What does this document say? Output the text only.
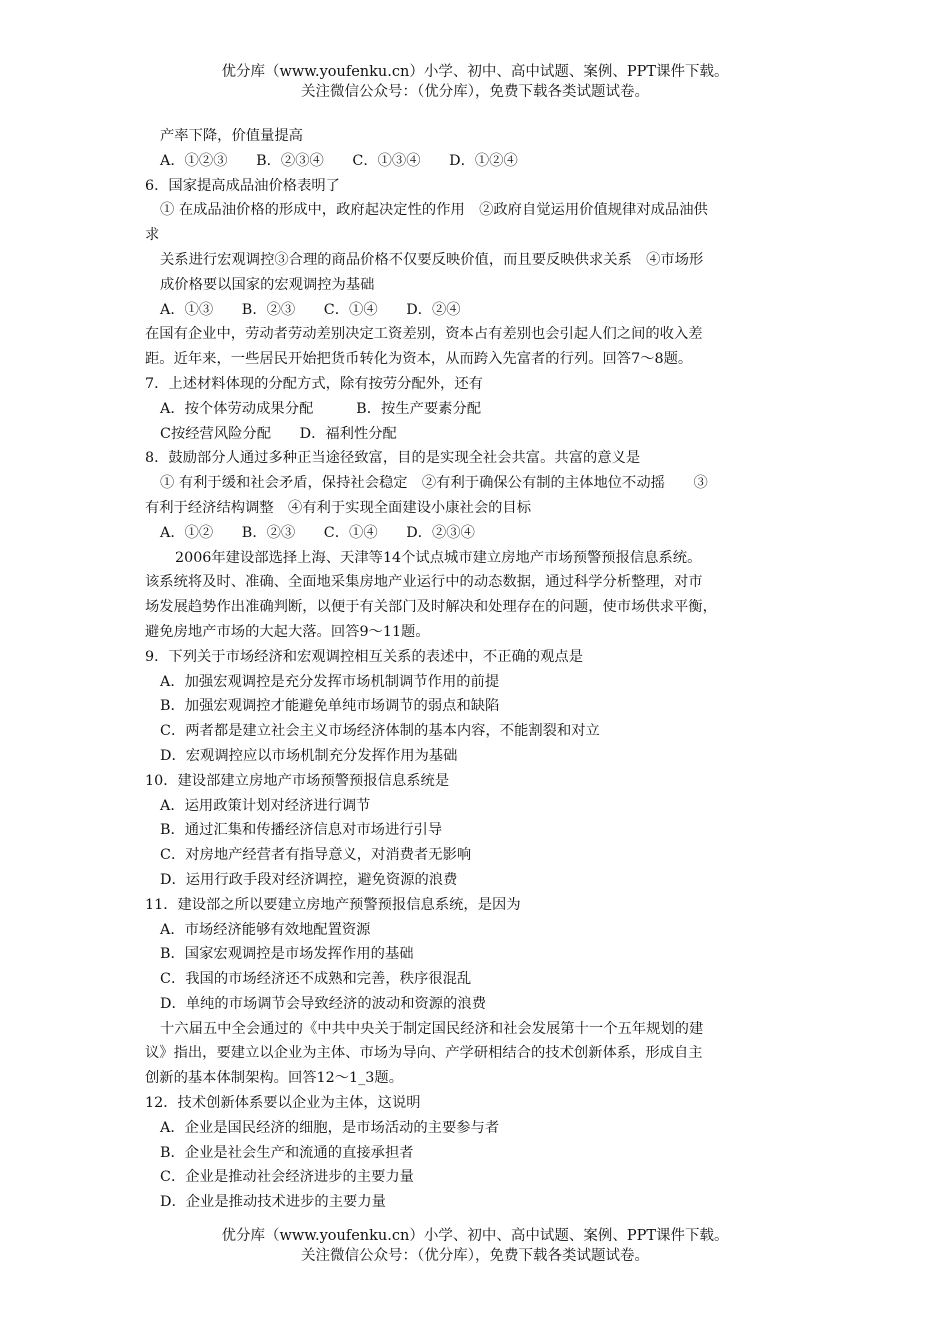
优分库（www.youfenku.cn）小学、初中、高中试题、案例、PPT课件下载。
关注微信公众号：（优分库），免费下载各类试题试卷。
产率下降，价值量提高
A．①②③　　B．②③④　　C．①③④　　D．①②④
6．国家提高成品油价格表明了
① 在成品油价格的形成中，政府起决定性的作用　②政府自觉运用价值规律对成品油供
求
关系进行宏观调控③合理的商品价格不仅要反映价值，而且要反映供求关系　④市场形
成价格要以国家的宏观调控为基础
A．①③　　B．②③　　C．①④　　D．②④
在国有企业中，劳动者劳动差别决定工资差别，资本占有差别也会引起人们之间的收入差
距。近年来，一些居民开始把货币转化为资本，从而跨入先富者的行列。回答7～8题。
7．上述材料体现的分配方式，除有按劳分配外，还有
A．按个体劳动成果分配　　　B．按生产要素分配
C按经营风险分配　　D．福利性分配
8．鼓励部分人通过多种正当途径致富，目的是实现全社会共富。共富的意义是
① 有利于缓和社会矛盾，保持社会稳定　②有利于确保公有制的主体地位不动摇　　③
有利于经济结构调整　④有利于实现全面建设小康社会的目标
A．①②　　B．②③　　C．①④　　D．②③④
2006年建设部选择上海、天津等14个试点城市建立房地产市场预警预报信息系统。
该系统将及时、准确、全面地采集房地产业运行中的动态数据，通过科学分析整理，对市
场发展趋势作出准确判断，以便于有关部门及时解决和处理存在的问题，使市场供求平衡，
避免房地产市场的大起大落。回答9～11题。
9．下列关于市场经济和宏观调控相互关系的表述中，不正确的观点是
A．加强宏观调控是充分发挥市场机制调节作用的前提
B．加强宏观调控才能避免单纯市场调节的弱点和缺陷
C．两者都是建立社会主义市场经济体制的基本内容，不能割裂和对立
D．宏观调控应以市场机制充分发挥作用为基础
10．建设部建立房地产市场预警预报信息系统是
A．运用政策计划对经济进行调节
B．通过汇集和传播经济信息对市场进行引导
C．对房地产经营者有指导意义，对消费者无影响
D．运用行政手段对经济调控，避免资源的浪费
11．建设部之所以要建立房地产预警预报信息系统，是因为
A．市场经济能够有效地配置资源
B．国家宏观调控是市场发挥作用的基础
C．我国的市场经济还不成熟和完善，秩序很混乱
D．单纯的市场调节会导致经济的波动和资源的浪费
十六届五中全会通过的《中共中央关于制定国民经济和社会发展第十一个五年规划的建
议》指出，要建立以企业为主体、市场为导向、产学研相结合的技术创新体系，形成自主
创新的基本体制架构。回答12～1_3题。
12．技术创新体系要以企业为主体，这说明
A．企业是国民经济的细胞，是市场活动的主要参与者
B．企业是社会生产和流通的直接承担者
C．企业是推动社会经济进步的主要力量
D．企业是推动技术进步的主要力量
优分库（www.youfenku.cn）小学、初中、高中试题、案例、PPT课件下载。
关注微信公众号：（优分库），免费下载各类试题试卷。
